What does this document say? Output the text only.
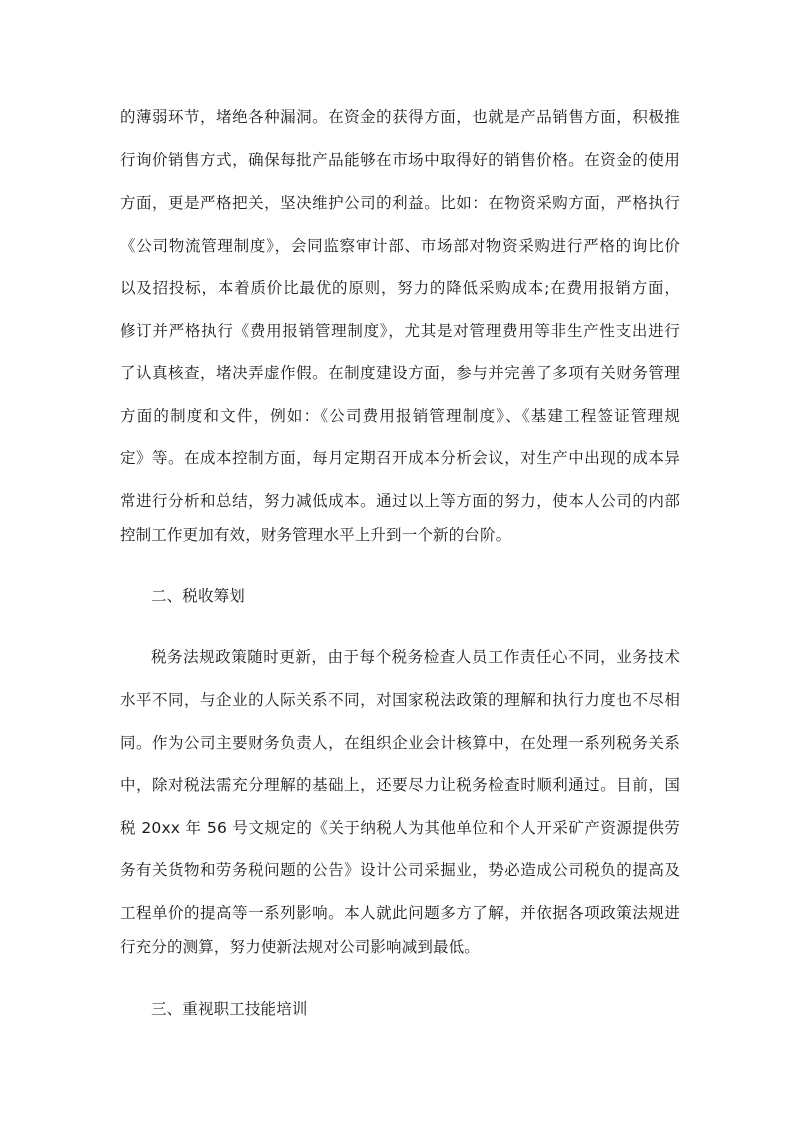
的薄弱环节，堵绝各种漏洞。在资金的获得方面，也就是产品销售方面，积极推
行询价销售方式，确保每批产品能够在市场中取得好的销售价格。在资金的使用
方面，更是严格把关，坚决维护公司的利益。比如：在物资采购方面，严格执行
《公司物流管理制度》，会同监察审计部、市场部对物资采购进行严格的询比价
以及招投标，本着质价比最优的原则，努力的降低采购成本;在费用报销方面，
修订并严格执行《费用报销管理制度》，尤其是对管理费用等非生产性支出进行
了认真核查，堵决弄虚作假。在制度建设方面，参与并完善了多项有关财务管理
方面的制度和文件，例如：《公司费用报销管理制度》、《基建工程签证管理规
定》等。在成本控制方面，每月定期召开成本分析会议，对生产中出现的成本异
常进行分析和总结，努力减低成本。通过以上等方面的努力，使本人公司的内部
控制工作更加有效，财务管理水平上升到一个新的台阶。
二、税收筹划
税务法规政策随时更新，由于每个税务检查人员工作责任心不同，业务技术
水平不同，与企业的人际关系不同，对国家税法政策的理解和执行力度也不尽相
同。作为公司主要财务负责人，在组织企业会计核算中，在处理一系列税务关系
中，除对税法需充分理解的基础上，还要尽力让税务检查时顺利通过。目前，国
税 20xx 年 56 号文规定的《关于纳税人为其他单位和个人开采矿产资源提供劳
务有关货物和劳务税问题的公告》设计公司采掘业，势必造成公司税负的提高及
工程单价的提高等一系列影响。本人就此问题多方了解，并依据各项政策法规进
行充分的测算，努力使新法规对公司影响减到最低。
三、重视职工技能培训
